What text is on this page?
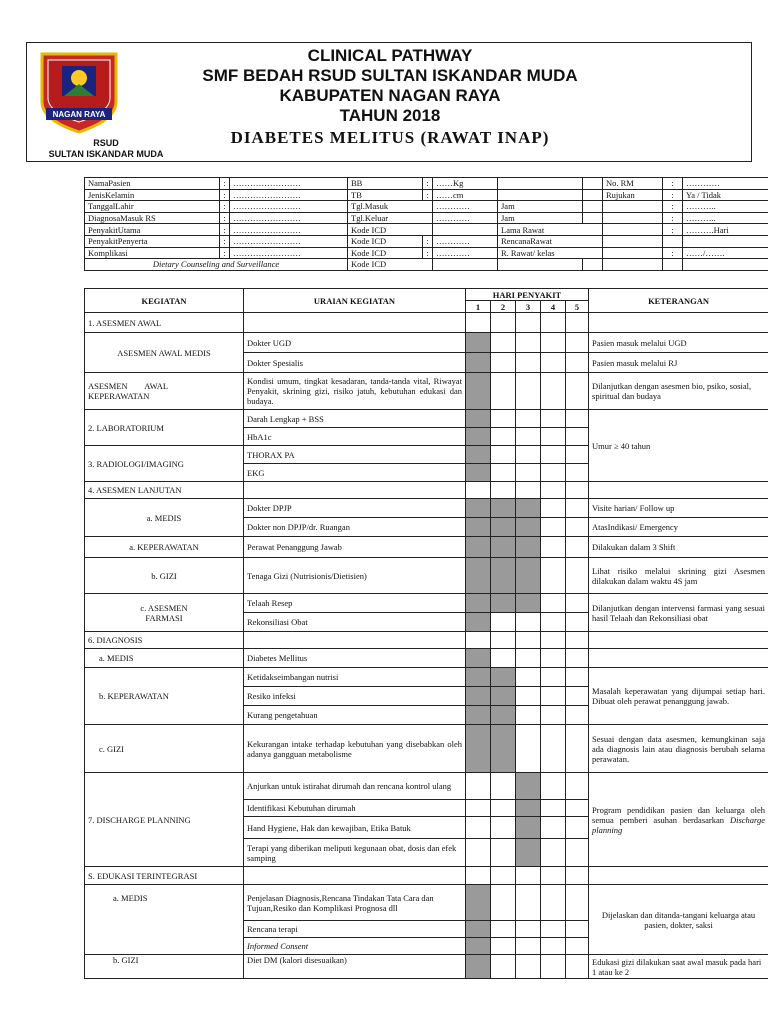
NAGAN RAYA
RSUD
SULTAN ISKANDAR MUDA
CLINICAL PATHWAY
SMF BEDAH RSUD SULTAN ISKANDAR MUDA
KABUPATEN NAGAN RAYA
TAHUN 2018
DIABETES MELITUS (RAWAT INAP)
NamaPasien	:	……………………	BB	:	……Kg			No. RM	:	…………
JenisKelamin	:	……………………	TB	:	……cm			Rujukan	:	Ya / Tidak
TanggalLahir	:	……………………	Tgl.Masuk		…………	Jam			:	………..
DiagnosaMasuk RS	:	……………………	Tgl.Keluar		…………	Jam			:	………..
PenyakitUtama	:	……………………	Kode ICD			Lama Rawat			:	……….Hari
PenyakitPenyerta	:	……………………	Kode ICD	:	…………	RencanaRawat				
Komplikasi	:	……………………	Kode ICD	:	…………	R. Rawat/ kelas			:	……/…….
Dietary Counseling and Surveillance			Kode ICD							
KEGIATAN	URAIAN KEGIATAN	HARI PENYAKIT					KETERANGAN
		1	2	3	4	5	
1. ASESMEN AWAL							
ASESMEN AWAL MEDIS	Dokter UGD						Pasien masuk melalui UGD
	Dokter Spesialis						Pasien masuk melalui RJ

ASESMEN        AWAL
KEPERAWATAN	Kondisi umum, tingkat kesadaran, tanda-tanda vital, Riwayat Penyakit, skrining gizi, risiko jatuh, kebutuhan edukasi dan budaya.						Dilanjutkan dengan asesmen bio, psiko, sosial, spiritual dan budaya
2. LABORATORIUM	Darah Lengkap + BSS						Umur ≥ 40 tahun
	HbA1c						
3. RADIOLOGI/IMAGING	THORAX PA						
	EKG						
4. ASESMEN LANJUTAN							
a. MEDIS	Dokter DPJP						Visite harian/ Follow up
	Dokter non DPJP/dr. Ruangan						AtasIndikasi/ Emergency
a. KEPERAWATAN	Perawat Penanggung Jawab						Dilakukan dalam 3 Shift
b. GIZI	Tenaga Gizi (Nutrisionis/Dietisien)						Lihat risiko melalui skrining gizi Asesmen dilakukan dalam waktu 4S jam

c. ASESMEN
FARMASI	Telaah Resep						Dilanjutkan dengan intervensi farmasi yang sesuai hasil Telaah dan Rekonsiliasi obat
	Rekonsiliasi Obat						
6. DIAGNOSIS							
a. MEDIS	Diabetes Mellitus						
b. KEPERAWATAN	Ketidakseimbangan nutrisi						Masalah keperawatan yang dijumpai setiap hari. Dibuat oleh perawat penanggung jawab.
	Resiko infeksi						
	Kurang pengetahuan						
c. GIZI	Kekurangan intake terhadap kebutuhan yang disebabkan oleh adanya gangguan metabolisme						Sesuai dengan data asesmen, kemungkinan saja ada diagnosis lain atau diagnosis berubah selama perawatan.
7. DISCHARGE PLANNING	Anjurkan untuk istirahat dirumah dan rencana kontrol ulang						Program pendidikan pasien dan keluarga oleh semua pemberi asuhan berdasarkan Discharge planning
	Identifikasi Kebutuhan dirumah						
	Hand Hygiene, Hak dan kewajiban, Etika Batuk						
	Terapi yang diberikan meliputi kegunaan obat, dosis dan efek samping						
S. EDUKASI TERINTEGRASI							
a. MEDIS	Penjelasan Diagnosis,Rencana Tindakan Tata Cara dan Tujuan,Resiko dan Komplikasi Prognosa dll						Dijelaskan dan ditanda-tangani keluarga atau pasien, dokter, saksi
	Rencana terapi						
	Informed Consent						
b. GIZI	Diet DM (kalori disesuaikan)						Edukasi gizi dilakukan saat awal masuk pada hari 1 atau ke 2
